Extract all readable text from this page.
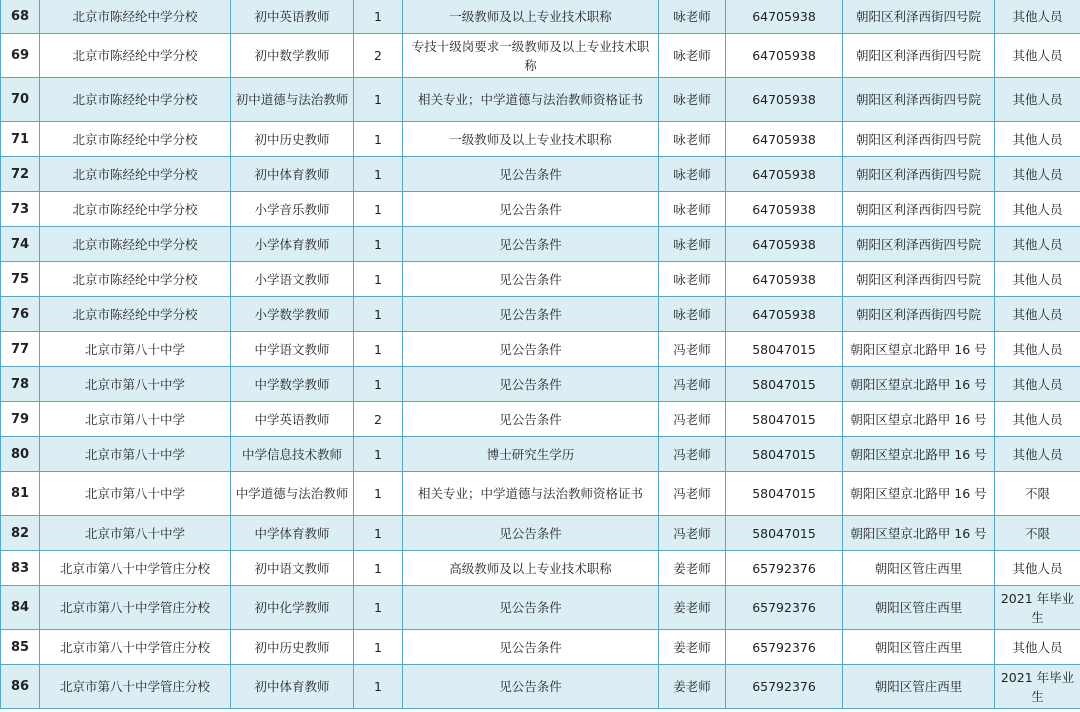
68	北京市陈经纶中学分校	初中英语教师	1	一级教师及以上专业技术职称	咏老师	64705938	朝阳区利泽西街四号院	其他人员
69	北京市陈经纶中学分校	初中数学教师	2	专技十级岗要求一级教师及以上专业技术职称	咏老师	64705938	朝阳区利泽西街四号院	其他人员
70	北京市陈经纶中学分校	初中道德与法治教师	1	相关专业；中学道德与法治教师资格证书	咏老师	64705938	朝阳区利泽西街四号院	其他人员
71	北京市陈经纶中学分校	初中历史教师	1	一级教师及以上专业技术职称	咏老师	64705938	朝阳区利泽西街四号院	其他人员
72	北京市陈经纶中学分校	初中体育教师	1	见公告条件	咏老师	64705938	朝阳区利泽西街四号院	其他人员
73	北京市陈经纶中学分校	小学音乐教师	1	见公告条件	咏老师	64705938	朝阳区利泽西街四号院	其他人员
74	北京市陈经纶中学分校	小学体育教师	1	见公告条件	咏老师	64705938	朝阳区利泽西街四号院	其他人员
75	北京市陈经纶中学分校	小学语文教师	1	见公告条件	咏老师	64705938	朝阳区利泽西街四号院	其他人员
76	北京市陈经纶中学分校	小学数学教师	1	见公告条件	咏老师	64705938	朝阳区利泽西街四号院	其他人员
77	北京市第八十中学	中学语文教师	1	见公告条件	冯老师	58047015	朝阳区望京北路甲 16 号	其他人员
78	北京市第八十中学	中学数学教师	1	见公告条件	冯老师	58047015	朝阳区望京北路甲 16 号	其他人员
79	北京市第八十中学	中学英语教师	2	见公告条件	冯老师	58047015	朝阳区望京北路甲 16 号	其他人员
80	北京市第八十中学	中学信息技术教师	1	博士研究生学历	冯老师	58047015	朝阳区望京北路甲 16 号	其他人员
81	北京市第八十中学	中学道德与法治教师	1	相关专业；中学道德与法治教师资格证书	冯老师	58047015	朝阳区望京北路甲 16 号	不限
82	北京市第八十中学	中学体育教师	1	见公告条件	冯老师	58047015	朝阳区望京北路甲 16 号	不限
83	北京市第八十中学管庄分校	初中语文教师	1	高级教师及以上专业技术职称	姜老师	65792376	朝阳区管庄西里	其他人员
84	北京市第八十中学管庄分校	初中化学教师	1	见公告条件	姜老师	65792376	朝阳区管庄西里	2021 年毕业生
85	北京市第八十中学管庄分校	初中历史教师	1	见公告条件	姜老师	65792376	朝阳区管庄西里	其他人员
86	北京市第八十中学管庄分校	初中体育教师	1	见公告条件	姜老师	65792376	朝阳区管庄西里	2021 年毕业生
